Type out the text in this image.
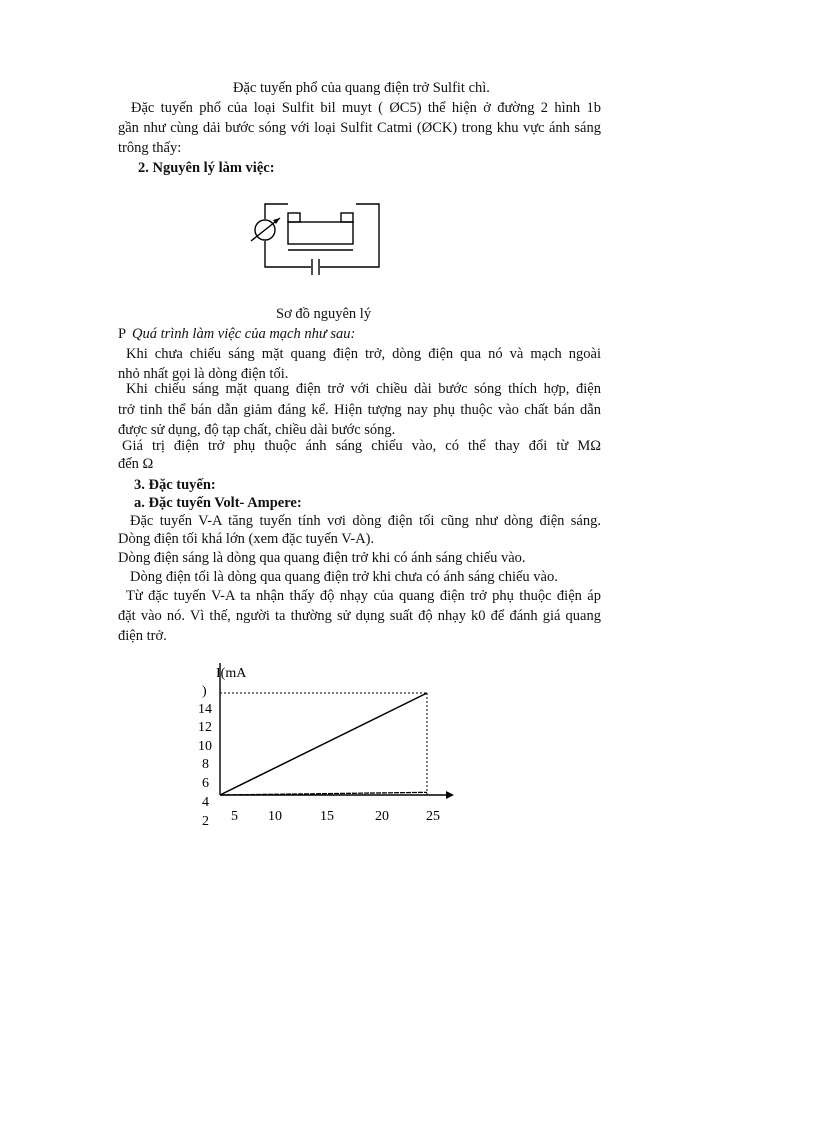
Đặc tuyến phổ của quang điện trở Sulfit chì.
Đặc tuyến phổ của loại Sulfit bil muyt ( ØC5) thể hiện ở đường 2 hình 1b
gần như cùng dải bước sóng với loại Sulfit Catmi (ØCK) trong khu vực ánh sáng
trông thấy:
2. Nguyên lý làm việc:
Sơ đồ nguyên lý
P Quá trình làm việc của mạch như sau:
Khi chưa chiếu sáng mặt quang điện trở, dòng điện qua nó và mạch ngoài
nhỏ nhất gọi là dòng điện tối.
Khi chiếu sáng mặt quang điện trở với chiều dài bước sóng thích hợp, điện
trở tinh thể bán dẫn giảm đáng kể. Hiện tượng nay phụ thuộc vào chất bán dẫn
được sử dụng, độ tạp chất, chiều dài bước sóng.
Giá trị điện trở phụ thuộc ánh sáng chiếu vào, có thể thay đổi từ MΩ
đến Ω
3. Đặc tuyến:
a. Đặc tuyến Volt- Ampere:
Đặc tuyến V-A tăng tuyến tính vơi dòng điện tối cũng như dòng điện sáng.
Dòng điện tối khá lớn (xem đặc tuyến V-A).
Dòng điện sáng là dòng qua quang điện trở khi có ánh sáng chiếu vào.
Dòng điện tối là dòng qua quang điện trở khi chưa có ánh sáng chiếu vào.
Từ đặc tuyến V-A ta nhận thấy độ nhạy của quang điện trở phụ thuộc điện áp
đặt vào nó. Vì thế, người ta thường sử dụng suất độ nhạy k0 để đánh giá quang
điện trở.
I(mA
)
14
12
10
8
6
4
2 5 10	15	20	25
